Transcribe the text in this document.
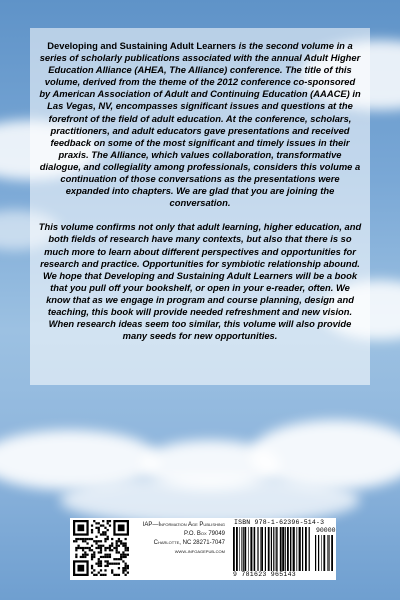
Developing and Sustaining Adult Learners is the second volume in a series of scholarly publications associated with the annual Adult Higher Education Alliance (AHEA, The Alliance) conference. The title of this volume, derived from the theme of the 2012 conference co-sponsored by American Association of Adult and Continuing Education (AAACE) in Las Vegas, NV, encompasses significant issues and questions at the forefront of the field of adult education. At the conference, scholars, practitioners, and adult educators gave presentations and received feedback on some of the most significant and timely issues in their praxis. The Alliance, which values collaboration, transformative dialogue, and collegiality among professionals, considers this volume a continuation of those conversations as the presentations were expanded into chapters. We are glad that you are joining the conversation.

This volume confirms not only that adult learning, higher education, and both fields of research have many contexts, but also that there is so much more to learn about different perspectives and opportunities for research and practice. Opportunities for symbiotic relationship abound. We hope that Developing and Sustaining Adult Learners will be a book that you pull off your bookshelf, or open in your e-reader, often. We know that as we engage in program and course planning, design and teaching, this book will provide needed refreshment and new vision. When research ideas seem too similar, this volume will also provide many seeds for new opportunities.

IAP—Information Age Publishing
P.O. Box 79049
Charlotte, NC 28271-7047
www.infoagepub.com
ISBN 978-1-62396-514-3
90000
9 781623 965143
